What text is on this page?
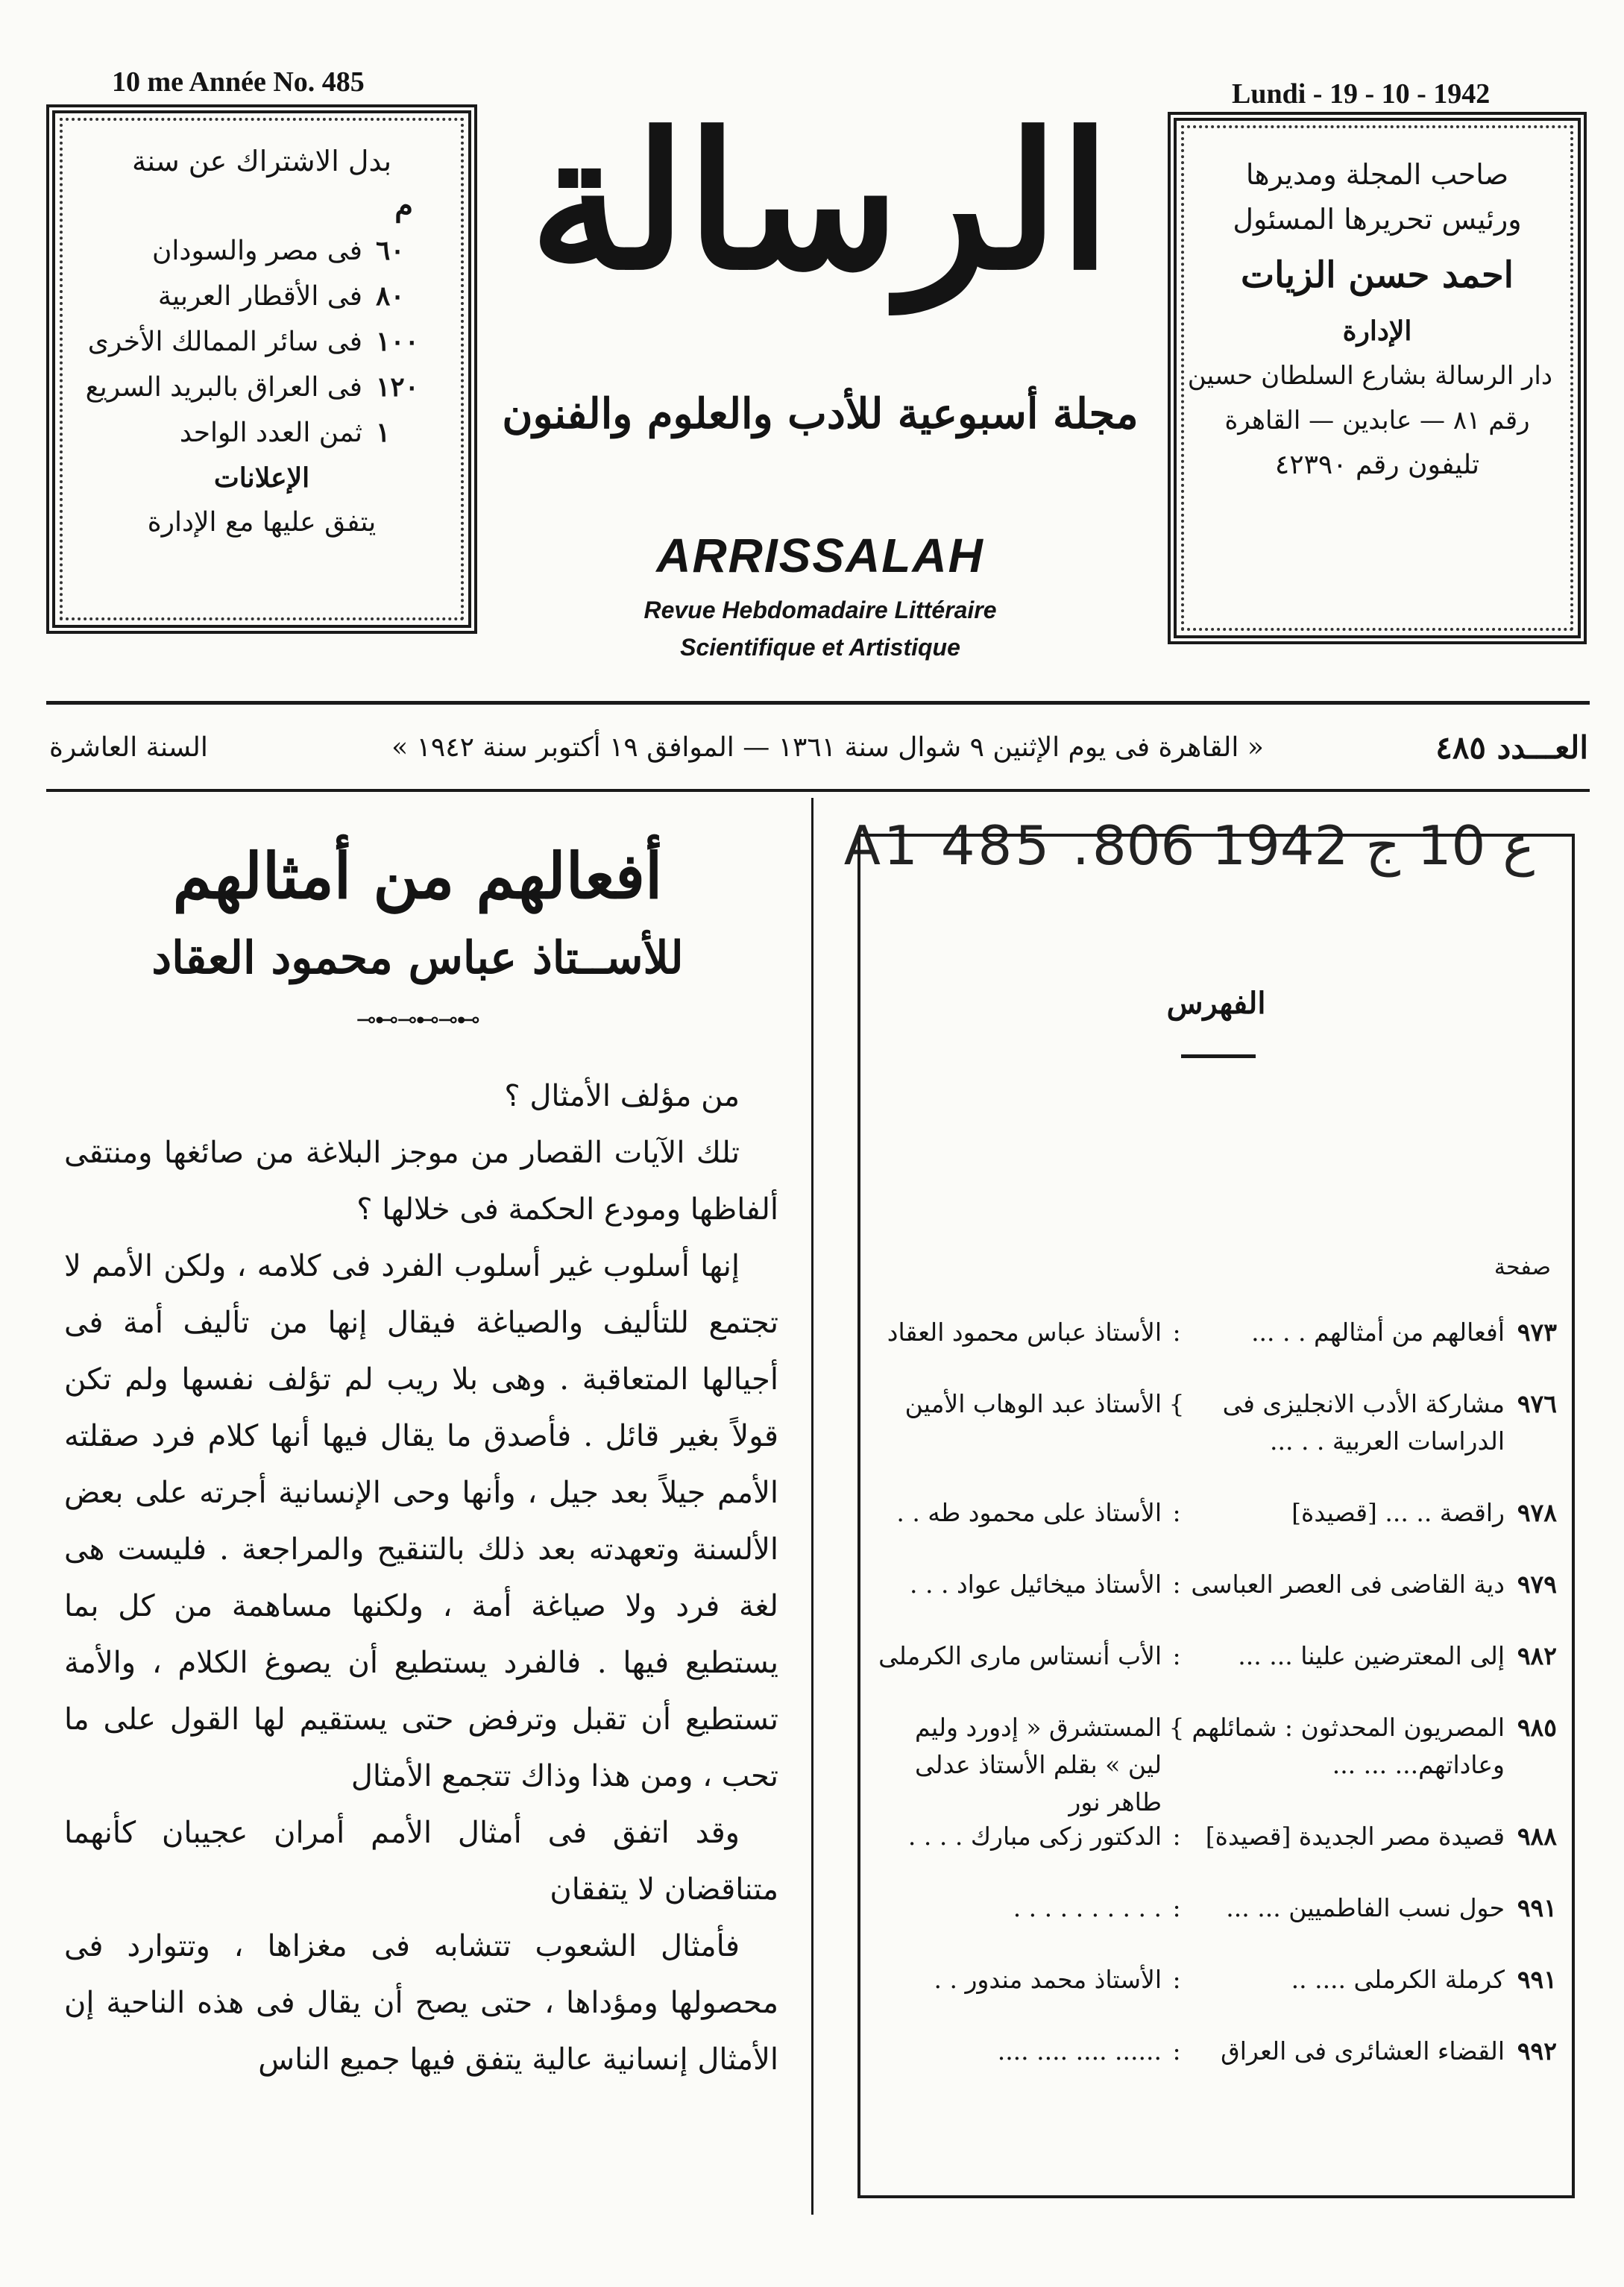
10 me Année No. 485	Lundi - 19 - 10 - 1942
بدل الاشتراك عن سنة
م
٦٠
فى مصر والسودان
٨٠
فى الأقطار العربية
١٠٠
فى سائر الممالك الأخرى
١٢٠
فى العراق بالبريد السريع
١
ثمن العدد الواحد
الإعلانات
يتفق عليها مع الإدارة
صاحب المجلة ومديرها
ورئيس تحريرها المسئول
احمد حسن الزيات
الإدارة
دار الرسالة بشارع السلطان حسين
رقم ٨١ — عابدين — القاهرة
تليفون رقم ٤٢٣٩٠
الرسالة
مجلة أسبوعية للأدب والعلوم والفنون
ARRISSALAH
Revue Hebdomadaire Littéraire
Scientifique et Artistique
العـــدد ٤٨٥
« القاهرة فى يوم الإثنين ٩ شوال سنة ١٣٦١ — الموافق ١٩ أكتوبر سنة ١٩٤٢ »
السنة العاشرة
أفعالهم من أمثالهم
للأســتاذ عباس محمود العقاد
⊸⊷⊸⊷⊸⊷

من مؤلف الأمثال ؟

تلك الآيات القصار من موجز البلاغة من صائغها ومنتقى ألفاظها ومودع الحكمة فى خلالها ؟

إنها أسلوب غير أسلوب الفرد فى كلامه ، ولكن الأمم لا تجتمع للتأليف والصياغة فيقال إنها من تأليف أمة فى أجيالها المتعاقبة . وهى بلا ريب لم تؤلف نفسها ولم تكن قولاً بغير قائل . فأصدق ما يقال فيها أنها كلام فرد صقلته الأمم جيلاً بعد جيل ، وأنها وحى الإنسانية أجرته على بعض الألسنة وتعهدته بعد ذلك بالتنقيح والمراجعة . فليست هى لغة فرد ولا صياغة أمة ، ولكنها مساهمة من كل بما يستطيع فيها . فالفرد يستطيع أن يصوغ الكلام ، والأمة تستطيع أن تقبل وترفض حتى يستقيم لها القول على ما تحب ، ومن هذا وذاك تتجمع الأمثال

وقد اتفق فى أمثال الأمم أمران عجيبان كأنهما متناقضان لا يتفقان

فأمثال الشعوب تتشابه فى مغزاها ، وتتوارد فى محصولها ومؤداها ، حتى يصح أن يقال فى هذه الناحية إن الأمثال إنسانية عالية يتفق فيها جميع الناس

A1 485 .ع 10 ج 1942 806
الفهرس
صفحة
٩٧٣
أفعالهم من أمثالهم . . ...
:
الأستاذ عباس محمود العقاد
٩٧٦
مشاركة الأدب الانجليزى فى الدراسات العربية . . ...
}
الأستاذ عبد الوهاب الأمين
٩٧٨
راقصة .. ... [قصيدة]
:
الأستاذ على محمود طه . .
٩٧٩
دية القاضى فى العصر العباسى
:
الأستاذ ميخائيل عواد . . .
٩٨٢
إلى المعترضين علينا ... ...
:
الأب أنستاس مارى الكرملى
٩٨٥
المصريون المحدثون : شمائلهم وعاداتهم... ... ...
}
المستشرق « إدورد وليم لين » بقلم الأستاذ عدلى طاهر نور
٩٨٨
قصيدة مصر الجديدة [قصيدة]
:
الدكتور زكى مبارك . . . .
٩٩١
حول نسب الفاطميين ... ...
:
. . . . . . . . . .
٩٩١
كرملة الكرملى .... ..
:
الأستاذ محمد مندور . .
٩٩٢
القضاء العشائرى فى العراق
:
...... .... .... ....
